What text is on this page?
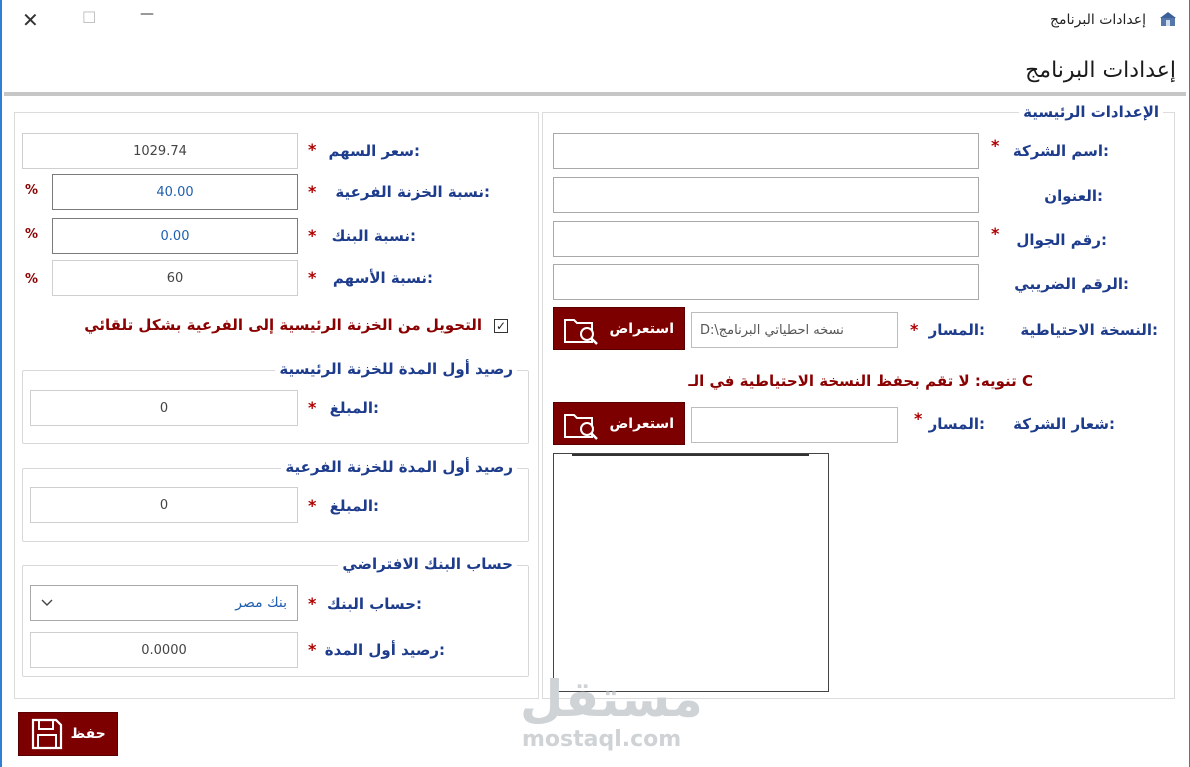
✕	☐	—	إعدادات البرنامج
إعدادات البرنامج
الإعدادات الرئيسية
اسم الشركة:
*
العنوان:
رقم الجوال:
*
الرقم الضريبي:
النسخة الاحتياطية:
المسار:
*
D:\نسخه احطياتي البرنامج
استعراض
تنويه: لا تقم بحفظ النسخة الاحتياطية في الـ C
شعار الشركة:
المسار:
*
استعراض
سعر السهم:
*
1029.74
نسبة الخزنة الفرعية:
*
40.00
%
نسبة البنك:
*
0.00
%
نسبة الأسهم:
*
60
%
✓
التحويل من الخزنة الرئيسية إلى الفرعية بشكل تلقائي
رصيد أول المدة للخزنة الرئيسية
المبلغ:
*
0
رصيد أول المدة للخزنة الفرعية
المبلغ:
*
0
حساب البنك الافتراضي
حساب البنك:
*
بنك مصر
رصيد أول المدة:
*
0.0000
حفظ
مستقل
mostaql.com
